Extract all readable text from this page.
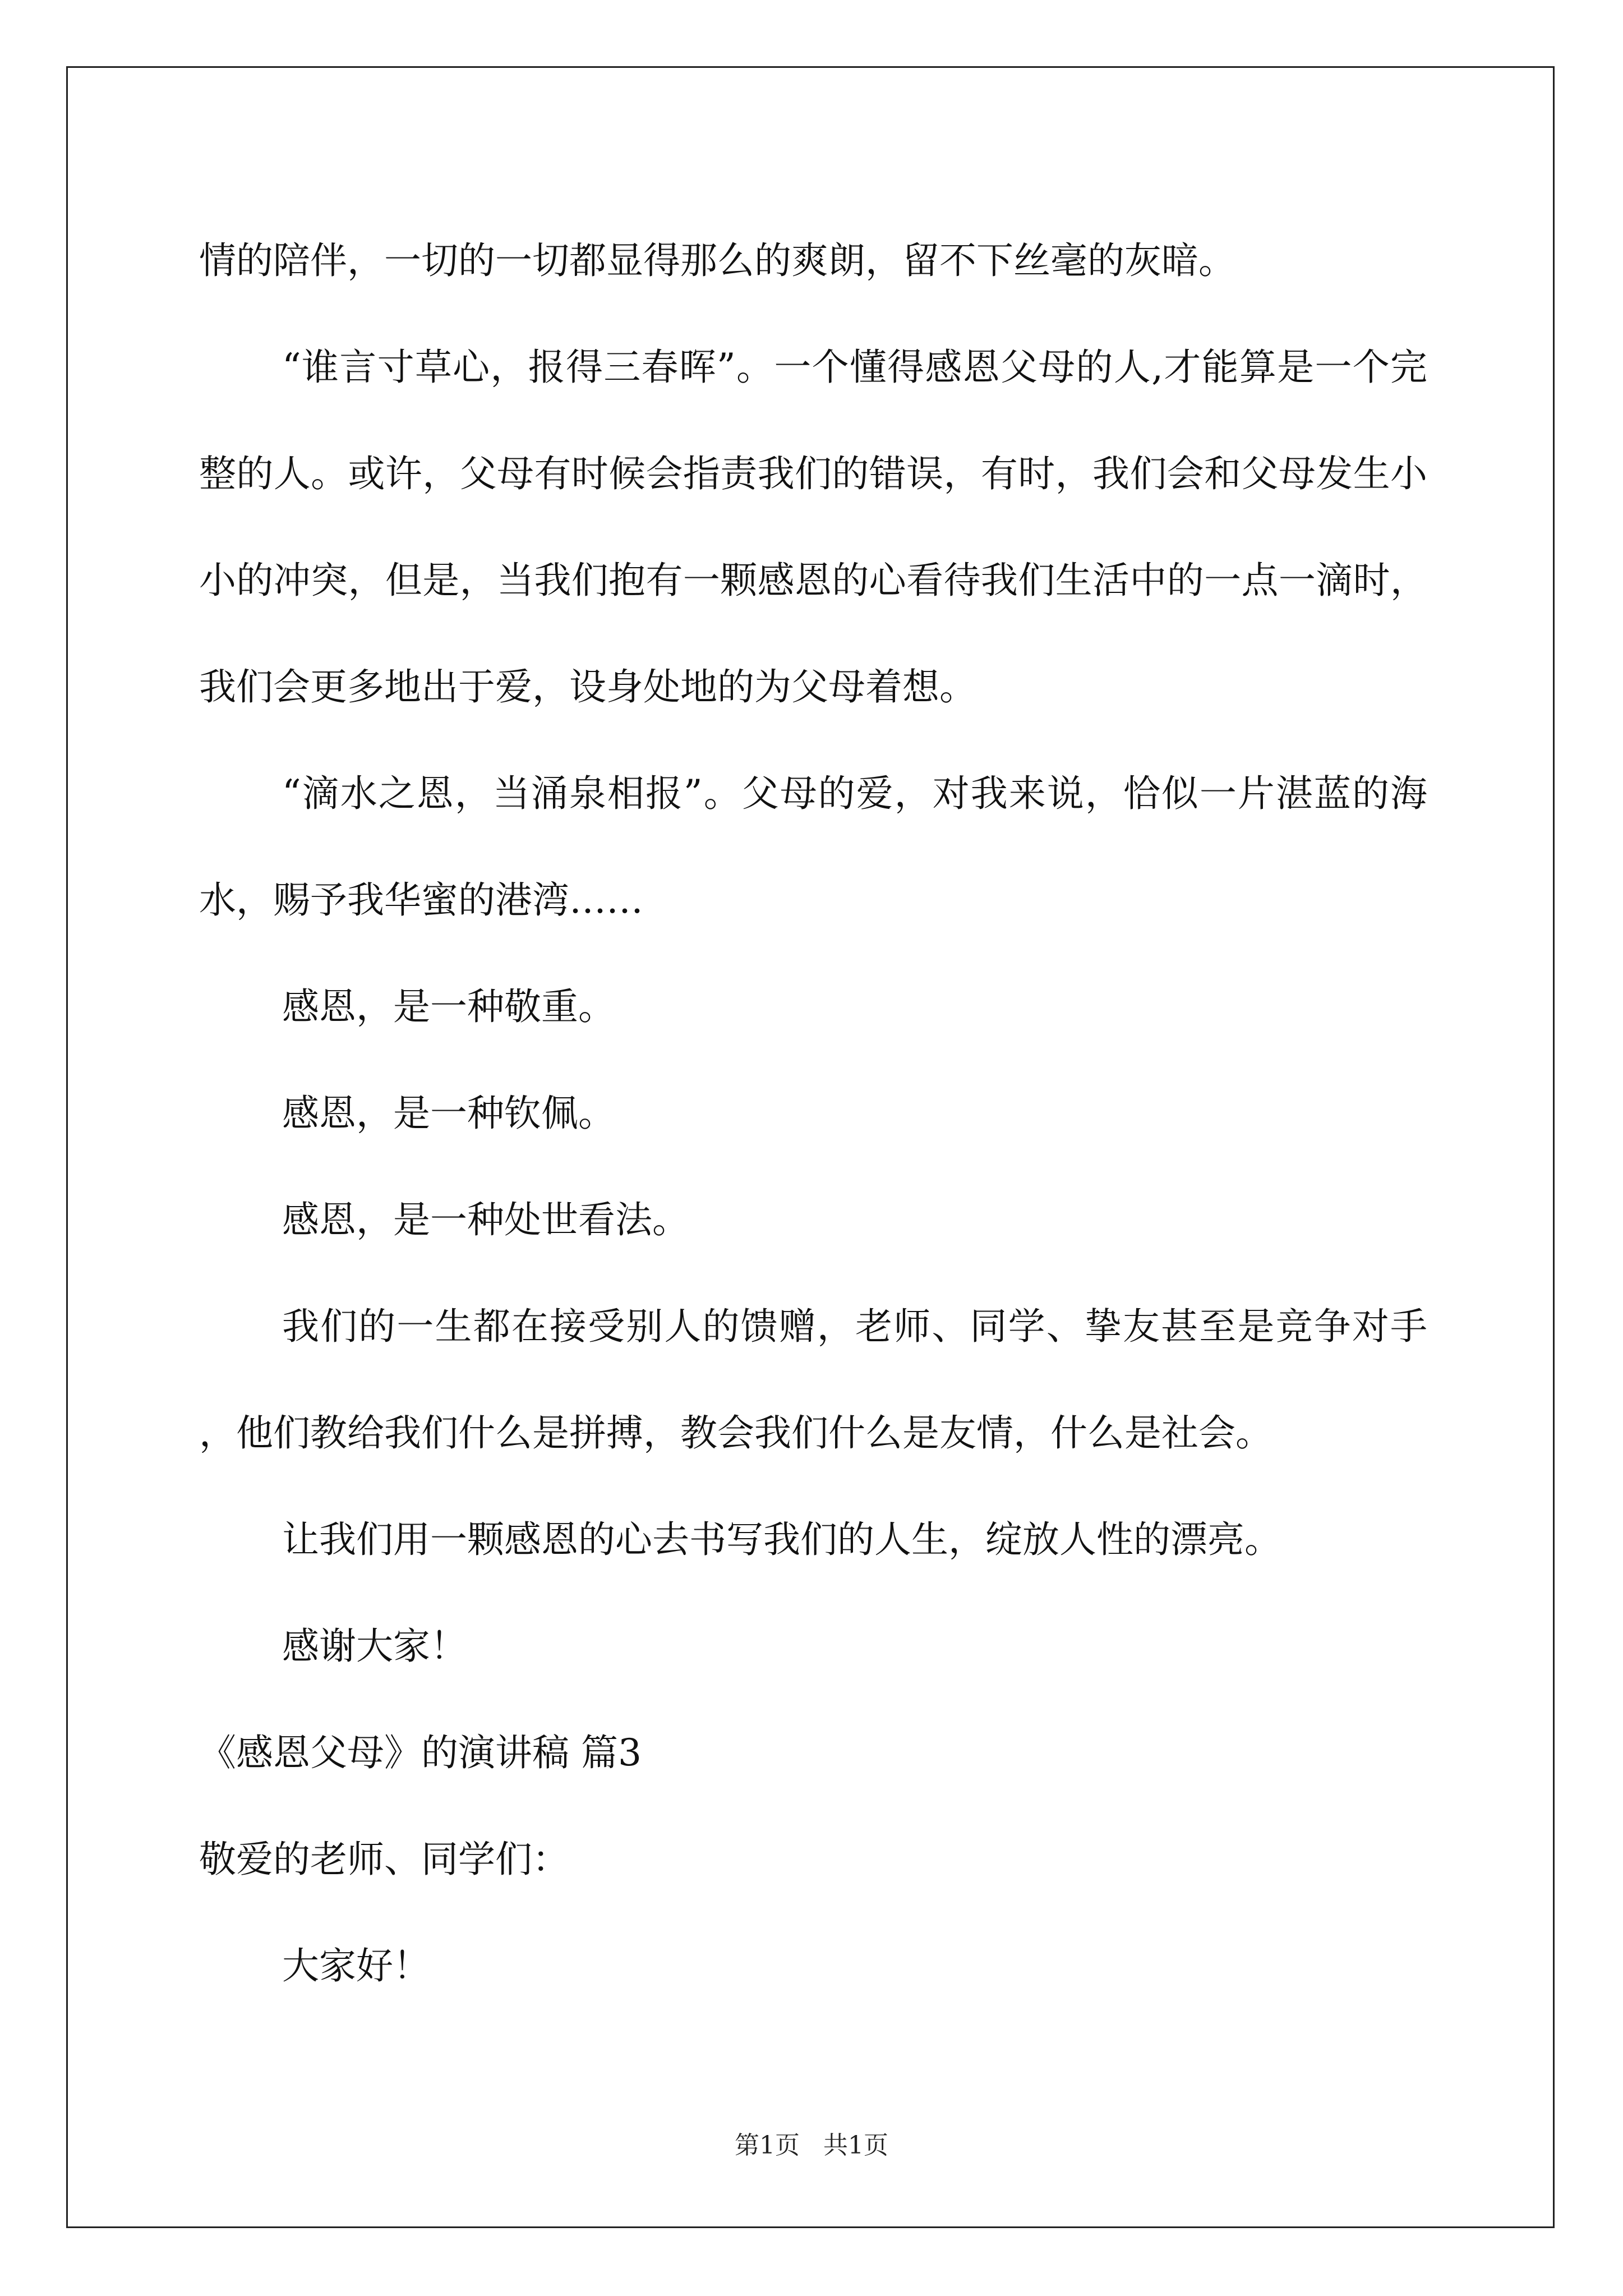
情的陪伴，一切的一切都显得那么的爽朗，留不下丝毫的灰暗。

“谁言寸草心，报得三春晖”。一个懂得感恩父母的人,才能算是一个完整的人。或许，父母有时候会指责我们的错误，有时，我们会和父母发生小小的冲突，但是，当我们抱有一颗感恩的心看待我们生活中的一点一滴时，我们会更多地出于爱，设身处地的为父母着想。

“滴水之恩，当涌泉相报”。父母的爱，对我来说，恰似一片湛蓝的海水，赐予我华蜜的港湾……

感恩，是一种敬重。

感恩，是一种钦佩。

感恩，是一种处世看法。

我们的一生都在接受别人的馈赠，老师、同学、挚友甚至是竞争对手，他们教给我们什么是拼搏，教会我们什么是友情，什么是社会。

让我们用一颗感恩的心去书写我们的人生，绽放人性的漂亮。

感谢大家！

《感恩父母》的演讲稿 篇3

敬爱的老师、同学们：

大家好！

第1页 共1页
